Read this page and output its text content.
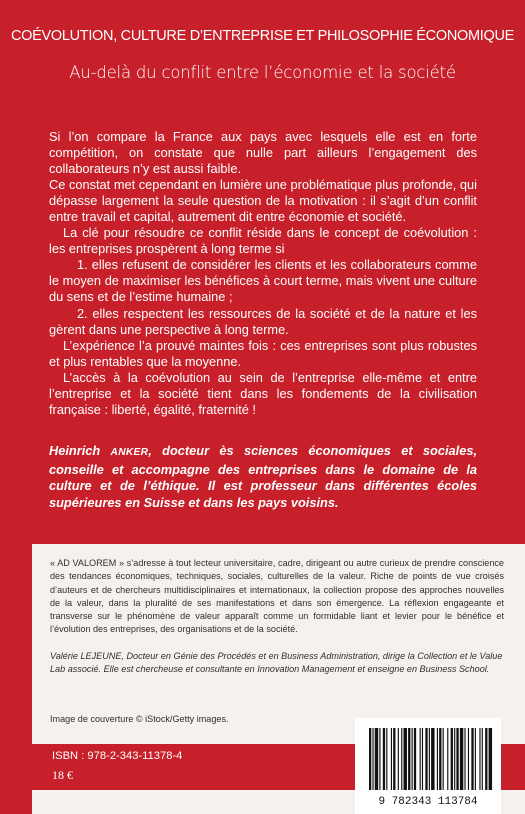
COÉVOLUTION, CULTURE D’ENTREPRISE ET PHILOSOPHIE ÉCONOMIQUE
Au-delà du conflit entre l’économie et la société

Si l’on compare la France aux pays avec lesquels elle est en forte compétition, on constate que nulle part ailleurs l’engagement des collaborateurs n’y est aussi faible.

Ce constat met cependant en lumière une problématique plus profonde, qui dépasse largement la seule question de la motivation : il s’agit d’un conflit entre travail et capital, autrement dit entre économie et société.

La clé pour résoudre ce conflit réside dans le concept de coévolution : les entreprises prospèrent à long terme si

1. elles refusent de considérer les clients et les collaborateurs comme le moyen de maximiser les bénéfices à court terme, mais vivent une culture du sens et de l’estime humaine ;

2. elles respectent les ressources de la société et de la nature et les gèrent dans une perspective à long terme.

L’expérience l’a prouvé maintes fois : ces entreprises sont plus robustes et plus rentables que la moyenne.

L’accès à la coévolution au sein de l’entreprise elle-même et entre l’entreprise et la société tient dans les fondements de la civilisation française : liberté, égalité, fraternité !

Heinrich ANKER, docteur ès sciences économiques et sociales, conseille et accompagne des entreprises dans le domaine de la culture et de l’éthique. Il est professeur dans différentes écoles supérieures en Suisse et dans les pays voisins.
« AD VALOREM » s’adresse à tout lecteur universitaire, cadre, dirigeant ou autre curieux de prendre conscience des tendances économiques, techniques, sociales, culturelles de la valeur. Riche de points de vue croisés d’auteurs et de chercheurs multidisciplinaires et internationaux, la collection propose des approches nouvelles de la valeur, dans la pluralité de ses manifestations et dans son émergence. La réflexion engageante et transverse sur le phénomène de valeur apparaît comme un formidable liant et levier pour le bénéfice et l’évolution des entreprises, des organisations et de la société.
Valérie LEJEUNE, Docteur en Génie des Procédés et en Business Administration, dirige la Collection et le Value Lab associé. Elle est chercheuse et consultante en Innovation Management et enseigne en Business School.
Image de couverture © iStock/Getty images.
ISBN : 978-2-343-11378-4
18 €
9 782343 113784
